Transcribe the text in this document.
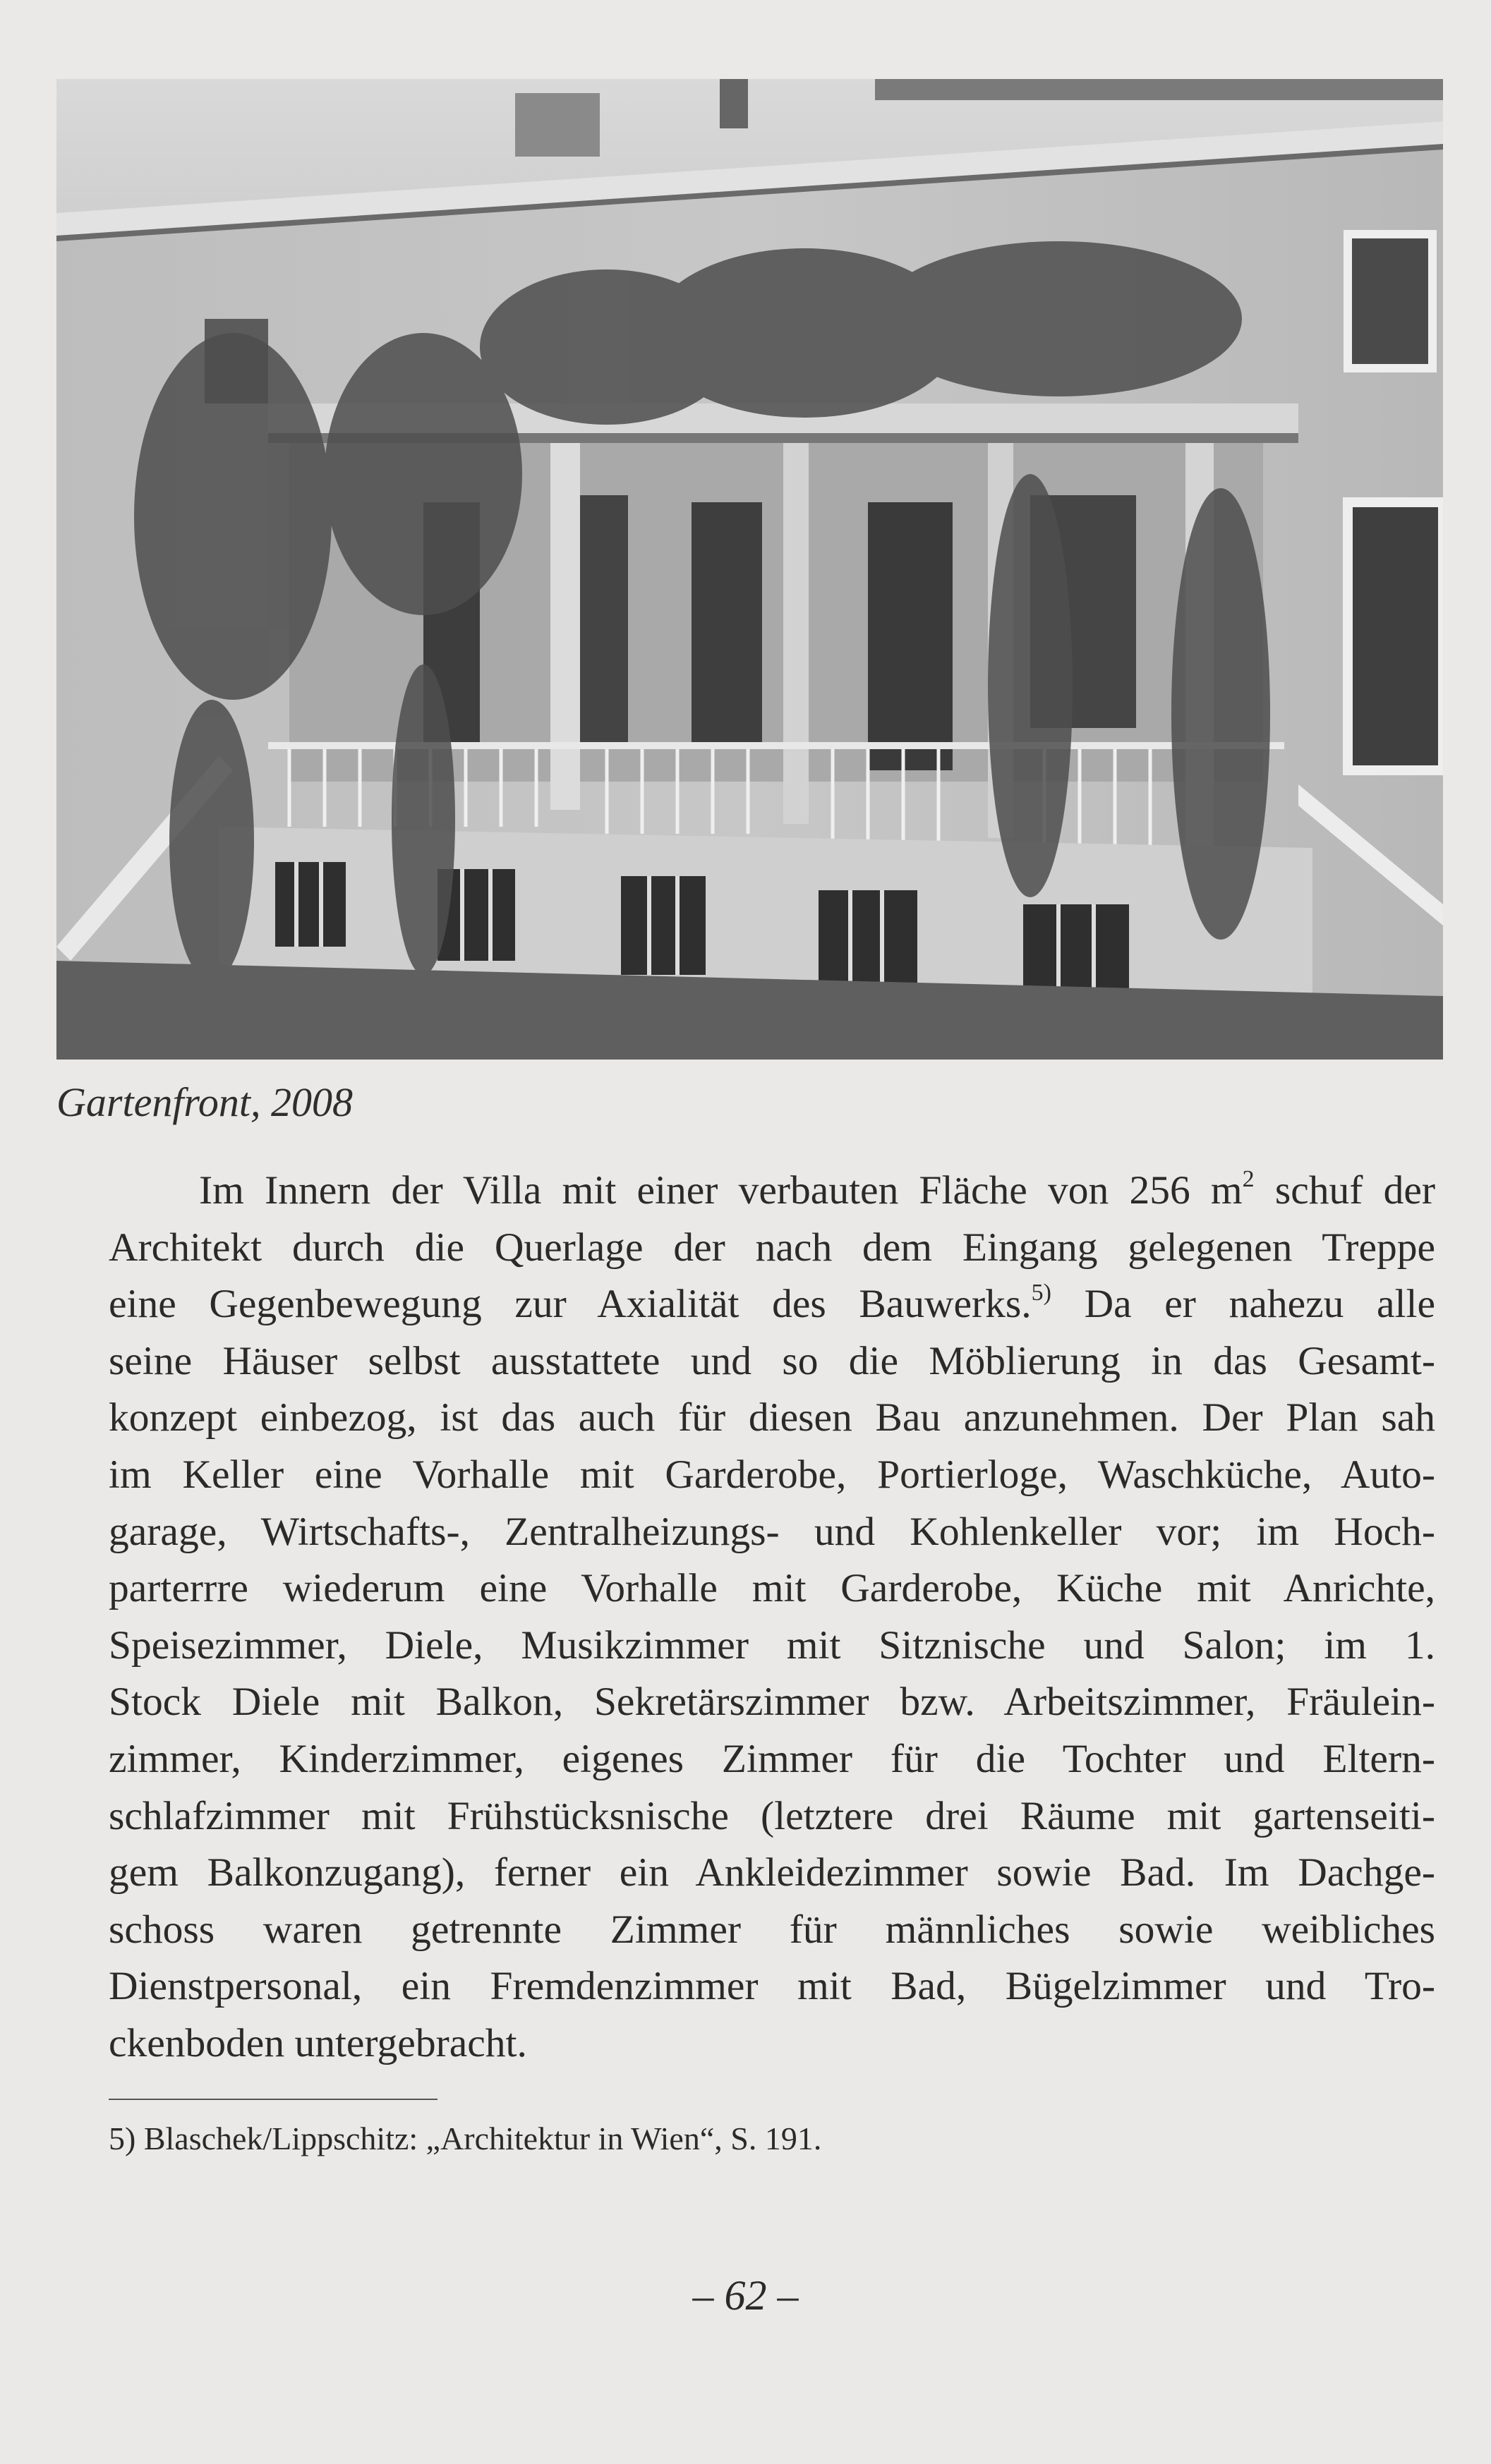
Gartenfront, 2008
Im Innern der Villa mit einer verbauten Fläche von 256 $m^2$ schuf der
Architekt durch die Querlage der nach dem Eingang gelegenen Treppe
eine Gegenbewegung zur Axialität des Bauwerks.$^{5)}$ Da er nahezu alle
seine Häuser selbst ausstattete und so die Möblierung in das Gesamt-
konzept einbezog, ist das auch für diesen Bau anzunehmen. Der Plan sah
im Keller eine Vorhalle mit Garderobe, Portierloge, Waschküche, Auto-
garage, Wirtschafts-, Zentralheizungs- und Kohlenkeller vor; im Hoch-
parterrre wiederum eine Vorhalle mit Garderobe, Küche mit Anrichte,
Speisezimmer, Diele, Musikzimmer mit Sitznische und Salon; im 1.
Stock Diele mit Balkon, Sekretärszimmer bzw. Arbeitszimmer, Fräulein-
zimmer, Kinderzimmer, eigenes Zimmer für die Tochter und Eltern-
schlafzimmer mit Frühstücksnische (letztere drei Räume mit gartenseiti-
gem Balkonzugang), ferner ein Ankleidezimmer sowie Bad. Im Dachge-
schoss waren getrennte Zimmer für männliches sowie weibliches
Dienstpersonal, ein Fremdenzimmer mit Bad, Bügelzimmer und Tro-
ckenboden untergebracht.
5) Blaschek/Lippschitz: „Architektur in Wien“, S. 191.
– 62 –
